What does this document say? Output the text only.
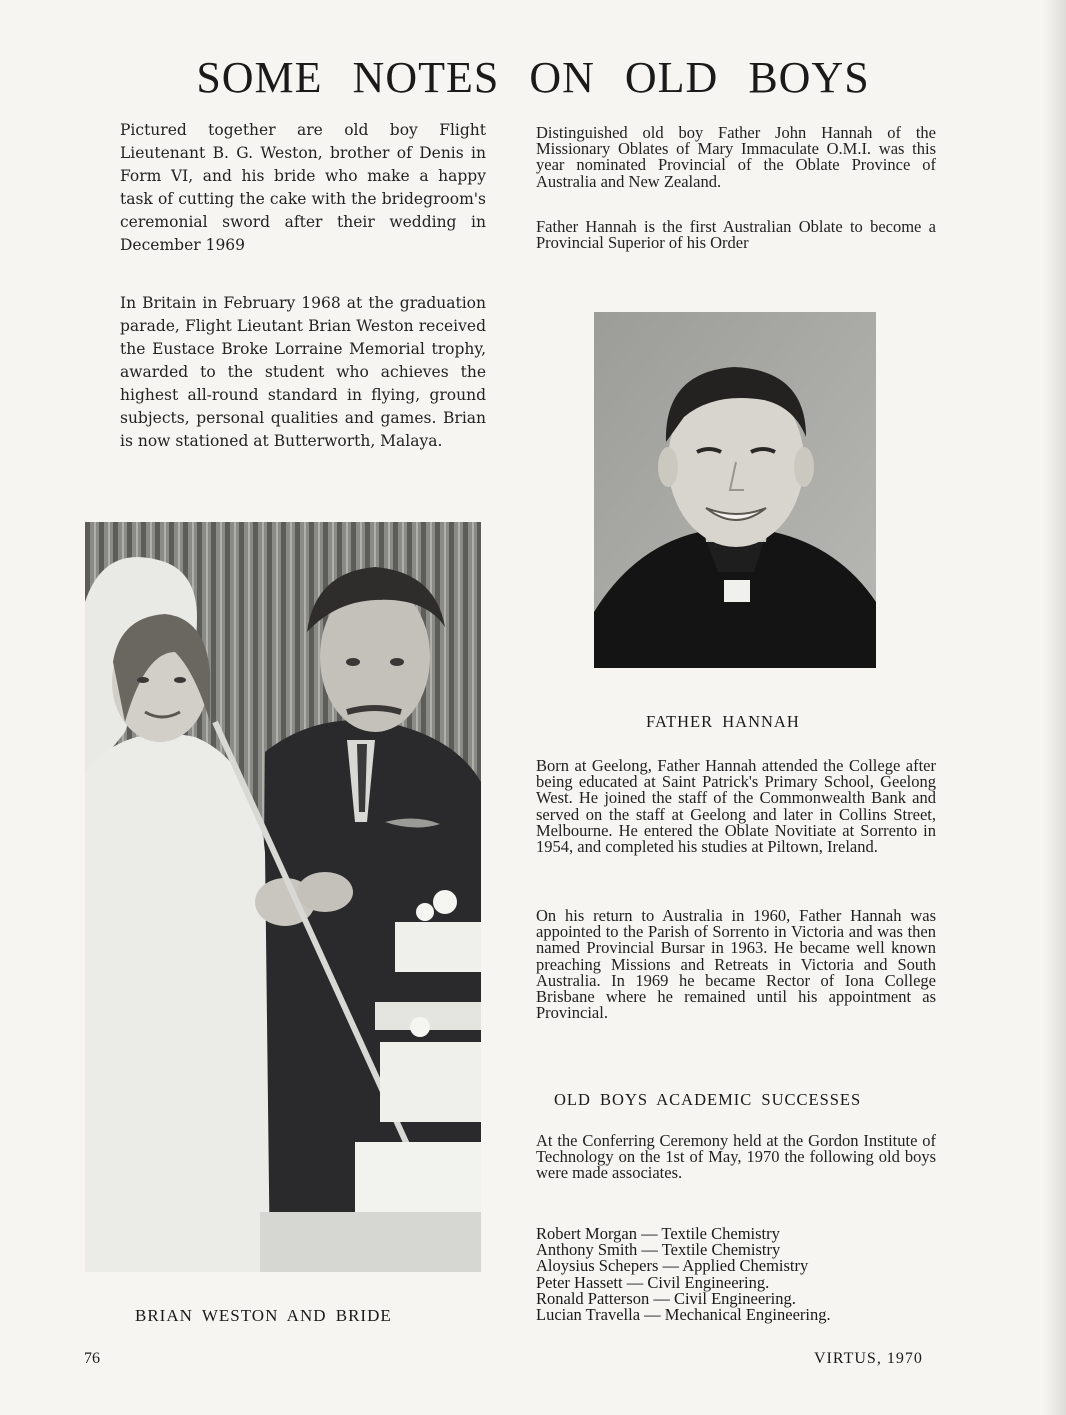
SOME NOTES ON OLD BOYS

Pictured together are old boy Flight Lieutenant B. G. Weston, brother of Denis in Form VI, and his bride who make a happy task of cutting the cake with the bridegroom's ceremonial sword after their wedding in December 1969

In Britain in February 1968 at the graduation parade, Flight Lieutant Brian Weston received the Eustace Broke Lorraine Memorial trophy, awarded to the student who achieves the highest all-round standard in flying, ground subjects, personal qualities and games. Brian is now stationed at Butterworth, Malaya.

BRIAN WESTON AND BRIDE

Distinguished old boy Father John Hannah of the Missionary Oblates of Mary Immaculate O.M.I. was this year nominated Provincial of the Oblate Province of Australia and New Zealand.

Father Hannah is the first Australian Oblate to become a Provincial Superior of his Order

FATHER HANNAH

Born at Geelong, Father Hannah attended the College after being educated at Saint Patrick's Primary School, Geelong West. He joined the staff of the Commonwealth Bank and served on the staff at Geelong and later in Collins Street, Melbourne. He entered the Oblate Novitiate at Sorrento in 1954, and completed his studies at Piltown, Ireland.

On his return to Australia in 1960, Father Hannah was appointed to the Parish of Sorrento in Victoria and was then named Provincial Bursar in 1963. He became well known preaching Missions and Retreats in Victoria and South Australia. In 1969 he became Rector of Iona College Brisbane where he remained until his appointment as Provincial.

OLD BOYS ACADEMIC SUCCESSES

At the Conferring Ceremony held at the Gordon Institute of Technology on the 1st of May, 1970 the following old boys were made associates.

Robert Morgan — Textile Chemistry
Anthony Smith — Textile Chemistry
Aloysius Schepers — Applied Chemistry
Peter Hassett — Civil Engineering.
Ronald Patterson — Civil Engineering.
Lucian Travella — Mechanical Engineering.

76	VIRTUS, 1970
